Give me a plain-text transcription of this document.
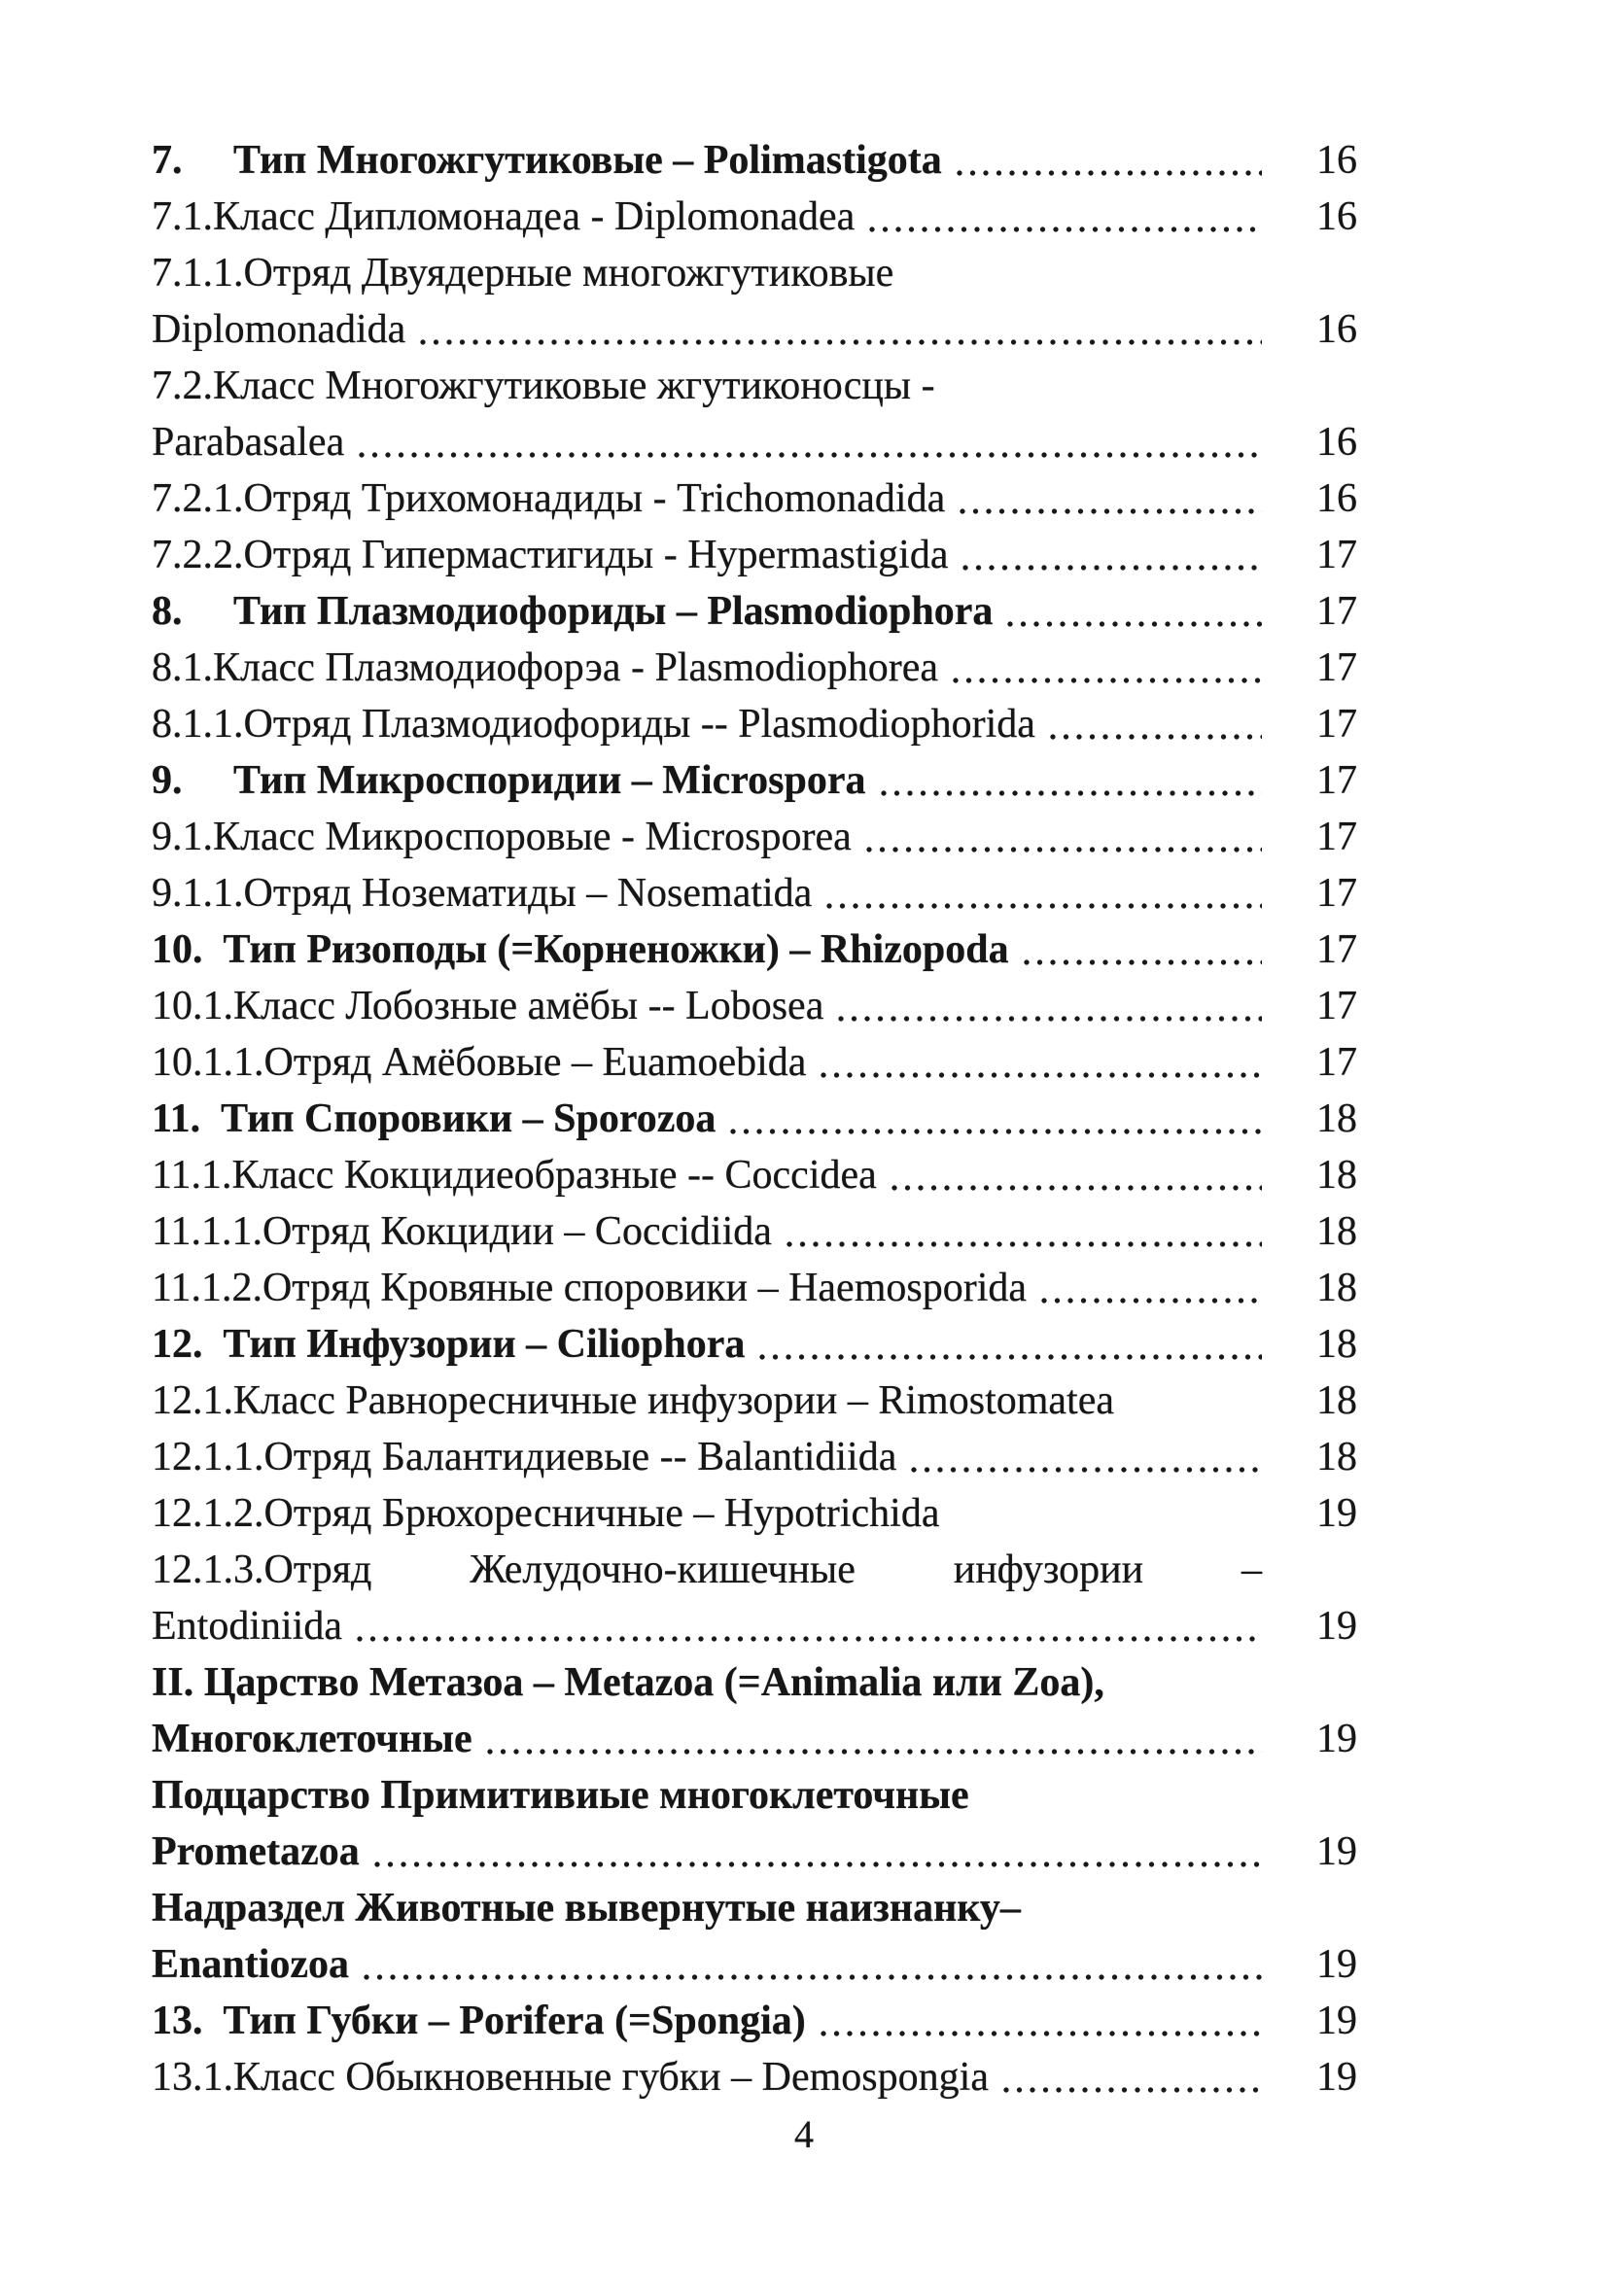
7.     Тип Многожгутиковые – Polimastigota	16
7.1.Класс Дипломонадеа - Diplomonadea	16
7.1.1.Отряд Двуядерные многожгутиковые
Diplomonadida	16
7.2.Класс Многожгутиковые жгутиконосцы -
Parabasalea	16
7.2.1.Отряд Трихомонадиды - Trichomonadida	16
7.2.2.Отряд Гипермастигиды - Hypermastigida	17
8.     Тип Плазмодиофориды – Plasmodiophora	17
8.1.Класс Плазмодиофорэа - Plasmodiophorea	17
8.1.1.Отряд Плазмодиофориды -- Plasmodiophorida	17
9.     Тип Микроспоридии – Microspora	17
9.1.Класс Микроспоровые - Microsporea	17
9.1.1.Отряд Нозематиды – Nosematida	17
10.  Тип Ризоподы (=Корненожки) – Rhizopoda	17
10.1.Класс Лобозные амёбы -- Lobosea	17
10.1.1.Отряд Амёбовые – Euamoebida	17
11.  Тип Споровики – Sporozoa	18
11.1.Класс Кокцидиеобразные -- Coccidea	18
11.1.1.Отряд Кокцидии – Coccidiida	18
11.1.2.Отряд Кровяные споровики – Haemosporida	18
12.  Тип Инфузории – Ciliophora	18
12.1.Класс Равноресничные инфузории – Rimostomatea	18
12.1.1.Отряд Балантидиевые -- Balantidiida	18
12.1.2.Отряд Брюхоресничные – Hypotrichida	19
12.1.3.Отряд Желудочно-кишечные инфузории –
Entodiniida	19
II. Царство Метазоа – Metazoa (=Animalia или Zoa),
Многоклеточные	19
Подцарство Примитивиые многоклеточные
Prometazoa	19
Надраздел Животные вывернутые наизнанку–
Enantiozoa	19
13.  Тип Губки – Porifera (=Spongia)	19
13.1.Класс Обыкновенные губки – Demospongia	19
4
